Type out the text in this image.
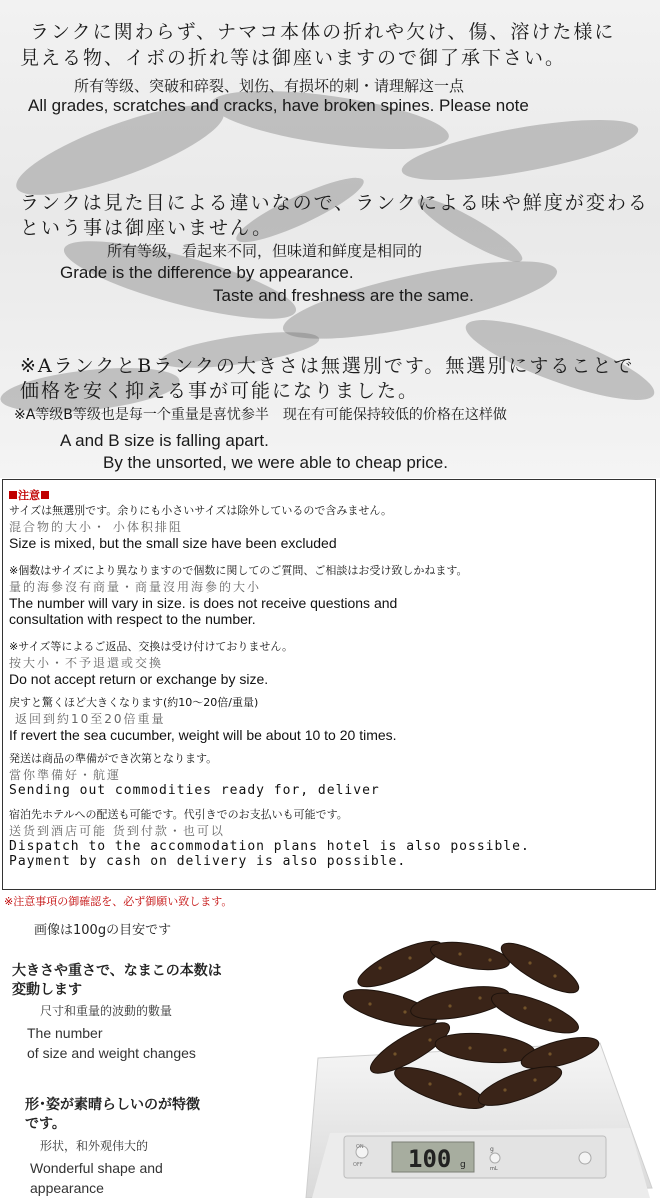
ランクに関わらず、ナマコ本体の折れや欠け、傷、溶けた様に
見える物、イボの折れ等は御座いますので御了承下さい。
所有等级、突破和碎裂、划伤、有损坏的刺・请理解这一点
All grades, scratches and cracks, have broken spines. Please note
ランクは見た目による違いなので、ランクによる味や鮮度が変わる
という事は御座いません。
所有等级，看起来不同，但味道和鲜度是相同的
Grade is the difference by appearance.
Taste and freshness are the same.
※AランクとBランクの大きさは無選別です。無選別にすることで
価格を安く抑える事が可能になりました。
※A等级B等级也是每一个重量是喜忧参半　现在有可能保持较低的价格在这样做
A and B size is falling apart.
By the unsorted, we were able to cheap price.
注意
サイズは無選別です。余りにも小さいサイズは除外しているので含みません。
混合物的大小・ 小体积排阻
Size is mixed, but the small size have been excluded
※個数はサイズにより異なりますので個数に関してのご質問、ご相談はお受け致しかねます。
量的海參沒有商量・商量沒用海參的大小
The number will vary in size. is does not receive questions and consultation with respect to the number.
※サイズ等によるご返品、交換は受け付けておりません。
按大小・不予退還或交換
Do not accept return or exchange by size.
戻すと驚くほど大きくなります(約10〜20倍/重量)
返回到約10至20倍重量
If revert the sea cucumber, weight will be about 10 to 20 times.
発送は商品の準備ができ次第となります。
當你準備好・航運
Sending out commodities ready for, deliver
宿泊先ホテルへの配送も可能です。代引きでのお支払いも可能です。
送货到酒店可能 货到付款・也可以
Dispatch to the accommodation plans hotel is also possible.
Payment by cash on delivery is also possible.
※注意事項の御確認を、必ず御願い致します。
画像は100gの目安です
大きさや重さで、なまこの本数は
変動します
尺寸和重量的波動的數量
The number
of size and weight changes
形･姿が素晴らしいのが特徴
です。
形状，和外观伟大的
Wonderful shape and
appearance
100 g
ON
OFF
g
mL
